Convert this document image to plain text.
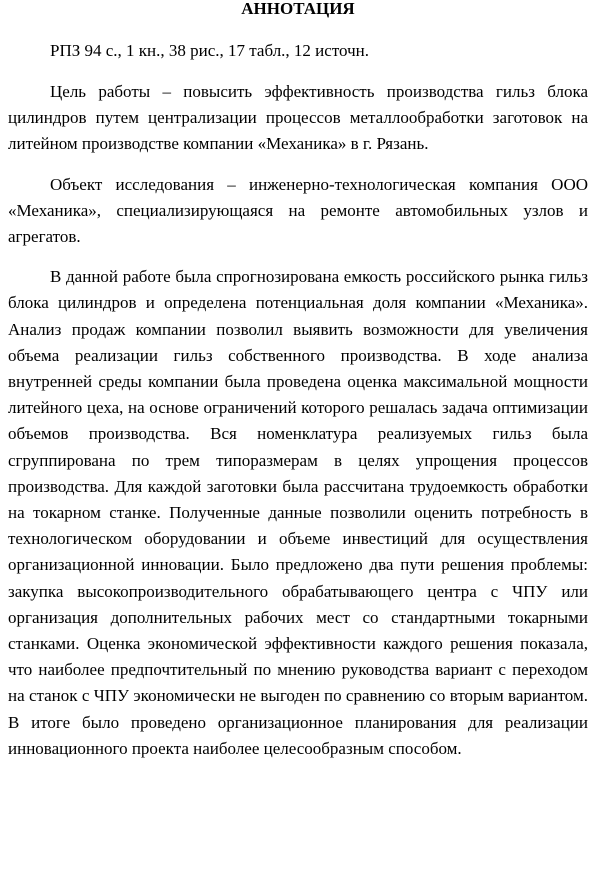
АННОТАЦИЯ

РПЗ 94 с., 1 кн., 38 рис., 17 табл., 12 источн.

Цель работы – повысить эффективность производства гильз блока цилиндров путем централизации процессов металлообработки заготовок на литейном производстве компании «Механика» в г. Рязань.

Объект исследования – инженерно-технологическая компания ООО «Механика», специализирующаяся на ремонте автомобильных узлов и агрегатов.

В данной работе была спрогнозирована емкость российского рынка гильз блока цилиндров и определена потенциальная доля компании «Механика». Анализ продаж компании позволил выявить возможности для увеличения объема реализации гильз собственного производства. В ходе анализа внутренней среды компании была проведена оценка максимальной мощности литейного цеха, на основе ограничений которого решалась задача оптимизации объемов производства. Вся номенклатура реализуемых гильз была сгруппирована по трем типоразмерам в целях упрощения процессов производства. Для каждой заготовки была рассчитана трудоемкость обработки на токарном станке. Полученные данные позволили оценить потребность в технологическом оборудовании и объеме инвестиций для осуществления организационной инновации. Было предложено два пути решения проблемы: закупка высокопроизводительного обрабатывающего центра с ЧПУ или организация дополнительных рабочих мест со стандартными токарными станками. Оценка экономической эффективности каждого решения показала, что наиболее предпочтительный по мнению руководства вариант с переходом на станок с ЧПУ экономически не выгоден по сравнению со вторым вариантом. В итоге было проведено организационное планирования для реализации инновационного проекта наиболее целесообразным способом.
